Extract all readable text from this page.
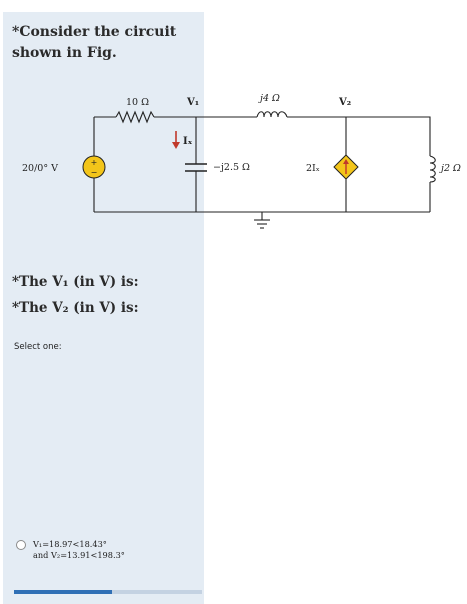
*Consider the circuit
shown in Fig.

+
−
10 Ω	V₁
Iₓ
j4 Ω	V₂
20/0° V	−j2.5 Ω	2Iₓ	j2 Ω

*The V₁ (in V) is:

*The V₂ (in V) is:

Select one:
V₁=18.97<18.43°
and V₂=13.91<198.3°
